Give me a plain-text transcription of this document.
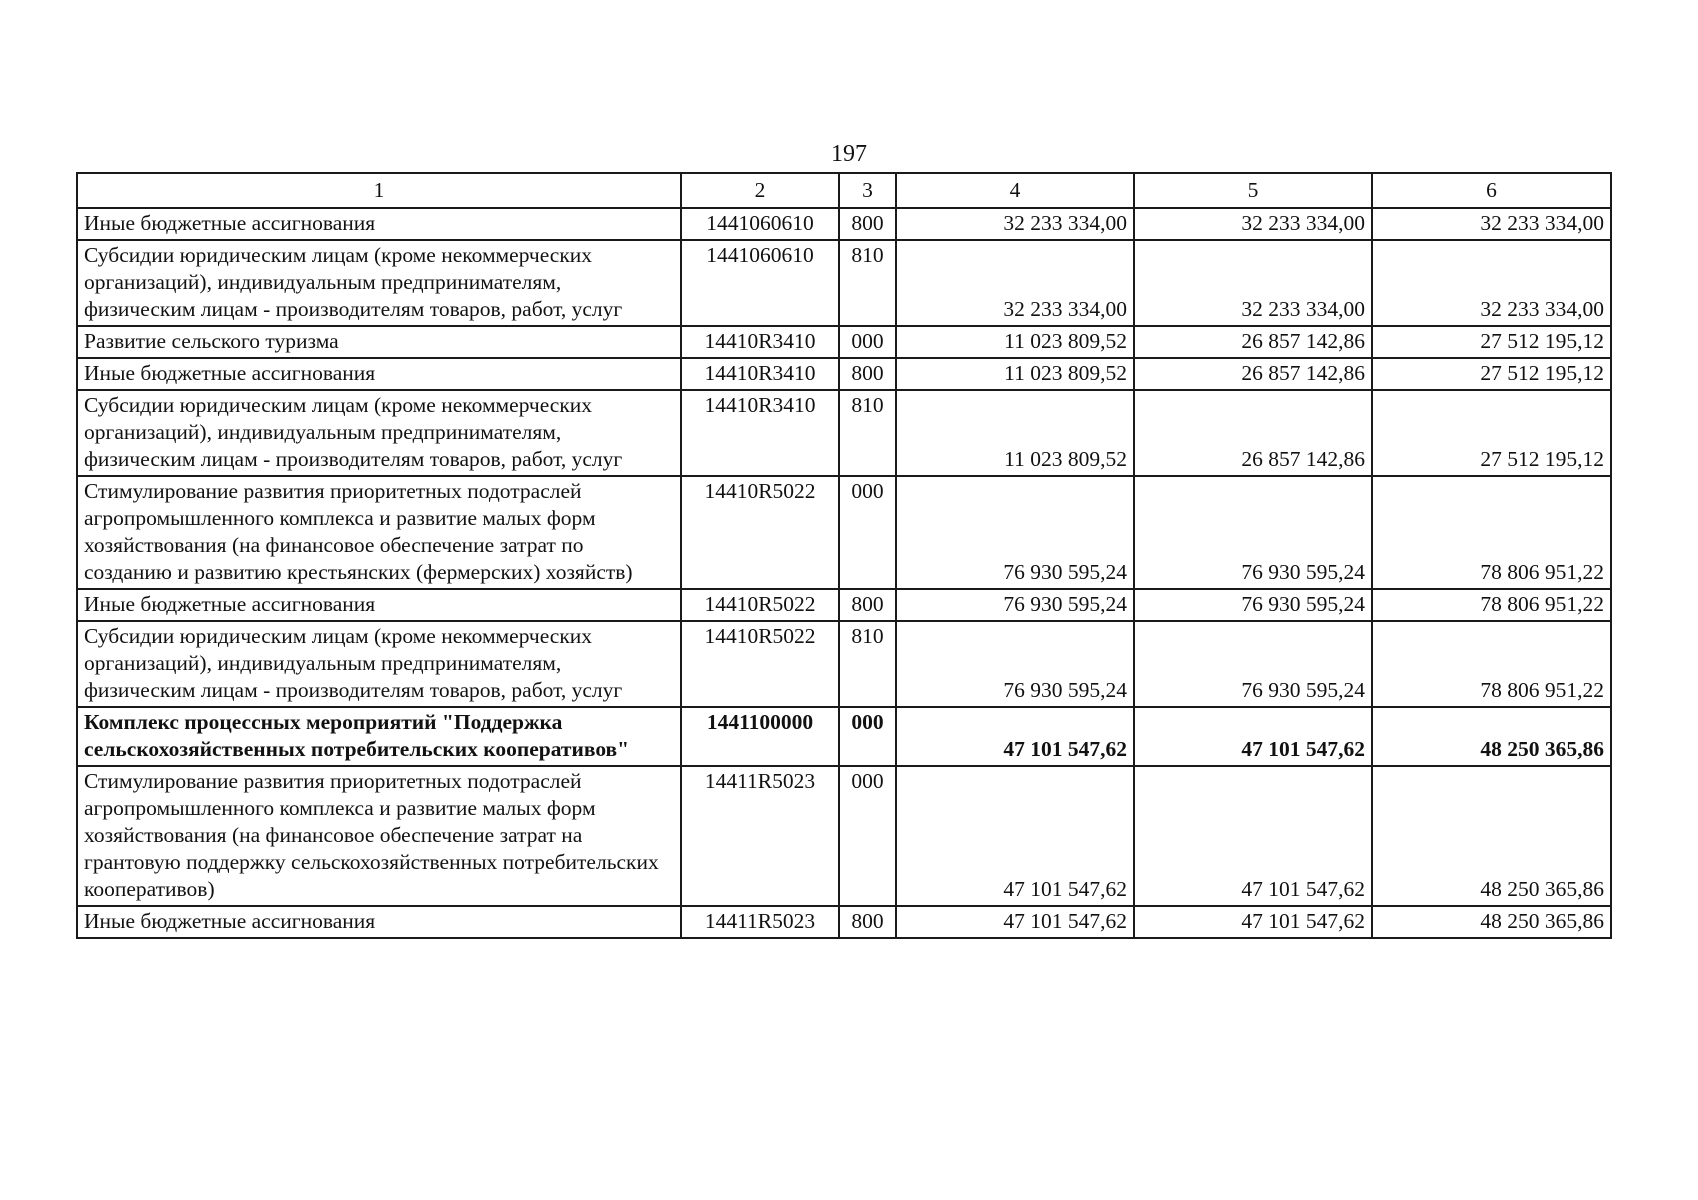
197
1	2	3	4	5	6
Иные бюджетные ассигнования	1441060610	800	32 233 334,00	32 233 334,00	32 233 334,00
Субсидии юридическим лицам (кроме некоммерческих организаций), индивидуальным предпринимателям, физическим лицам - производителям товаров, работ, услуг	1441060610	810	32 233 334,00	32 233 334,00	32 233 334,00
Развитие сельского туризма	14410R3410	000	11 023 809,52	26 857 142,86	27 512 195,12
Иные бюджетные ассигнования	14410R3410	800	11 023 809,52	26 857 142,86	27 512 195,12
Субсидии юридическим лицам (кроме некоммерческих организаций), индивидуальным предпринимателям, физическим лицам - производителям товаров, работ, услуг	14410R3410	810	11 023 809,52	26 857 142,86	27 512 195,12
Стимулирование развития приоритетных подотраслей агропромышленного комплекса и развитие малых форм хозяйствования (на финансовое обеспечение затрат по созданию и развитию крестьянских (фермерских) хозяйств)	14410R5022	000	76 930 595,24	76 930 595,24	78 806 951,22
Иные бюджетные ассигнования	14410R5022	800	76 930 595,24	76 930 595,24	78 806 951,22
Субсидии юридическим лицам (кроме некоммерческих организаций), индивидуальным предпринимателям, физическим лицам - производителям товаров, работ, услуг	14410R5022	810	76 930 595,24	76 930 595,24	78 806 951,22
Комплекс процессных мероприятий "Поддержка сельскохозяйственных потребительских кооперативов"	1441100000	000	47 101 547,62	47 101 547,62	48 250 365,86
Стимулирование развития приоритетных подотраслей агропромышленного комплекса и развитие малых форм хозяйствования (на финансовое обеспечение затрат на грантовую поддержку сельскохозяйственных потребительских кооперативов)	14411R5023	000	47 101 547,62	47 101 547,62	48 250 365,86
Иные бюджетные ассигнования	14411R5023	800	47 101 547,62	47 101 547,62	48 250 365,86
